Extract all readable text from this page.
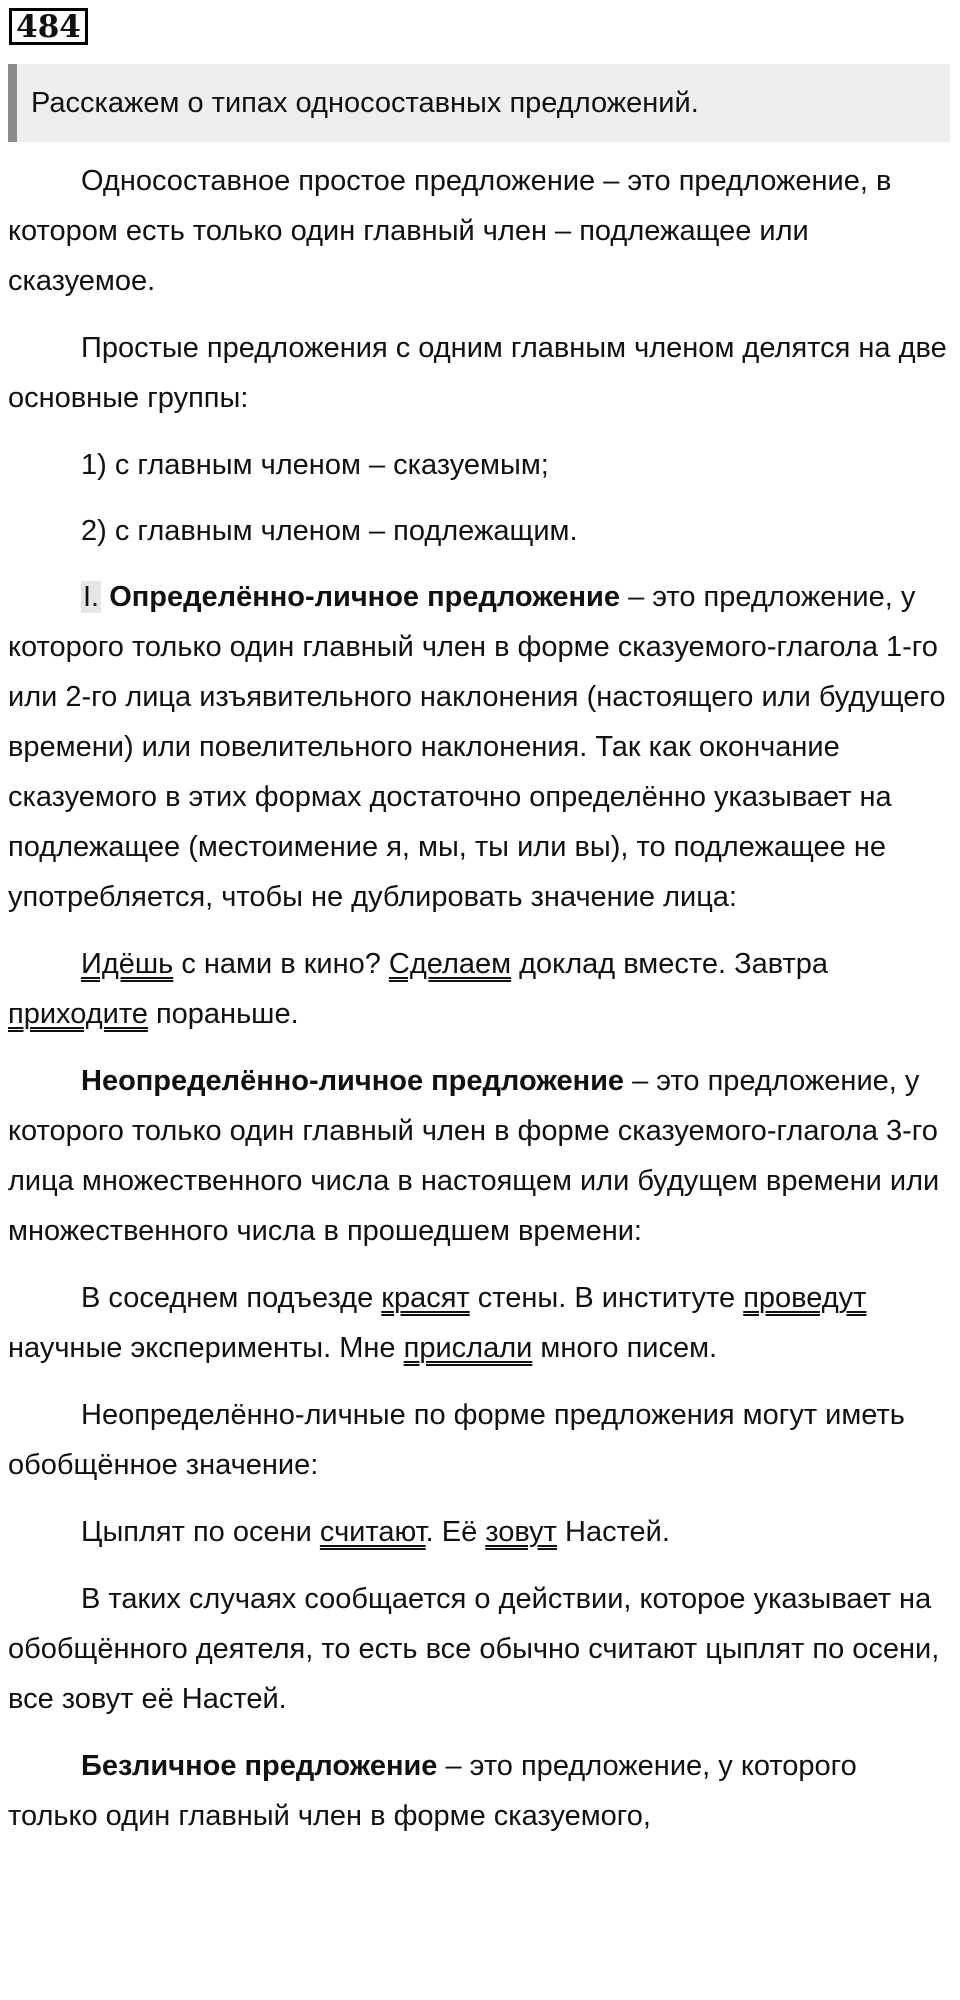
484
Расскажем о типах односоставных предложений.

Односоставное простое предложение – это предложение, в котором есть только один главный член – подлежащее или сказуемое.

Простые предложения с одним главным членом делятся на две основные группы:

1) с главным членом – сказуемым;
2) с главным членом – подлежащим.

I. Определённо-личное предложение – это предложение, у которого только один главный член в форме сказуемого-глагола 1-го или 2-го лица изъявительного наклонения (настоящего или будущего времени) или повелительного наклонения. Так как окончание сказуемого в этих формах достаточно определённо указывает на подлежащее (местоимение я, мы, ты или вы), то подлежащее не употребляется, чтобы не дублировать значение лица:

Идёшь с нами в кино? Сделаем доклад вместе. Завтра приходите пораньше.

Неопределённо-личное предложение – это предложение, у которого только один главный член в форме сказуемого-глагола 3-го лица множественного числа в настоящем или будущем времени или множественного числа в прошедшем времени:

В соседнем подъезде красят стены. В институте проведут научные эксперименты. Мне прислали много писем.

Неопределённо-личные по форме предложения могут иметь обобщённое значение:

Цыплят по осени считают. Её зовут Настей.

В таких случаях сообщается о действии, которое указывает на обобщённого деятеля, то есть все обычно считают цыплят по осени, все зовут её Настей.

Безличное предложение – это предложение, у которого только один главный член в форме сказуемого,
